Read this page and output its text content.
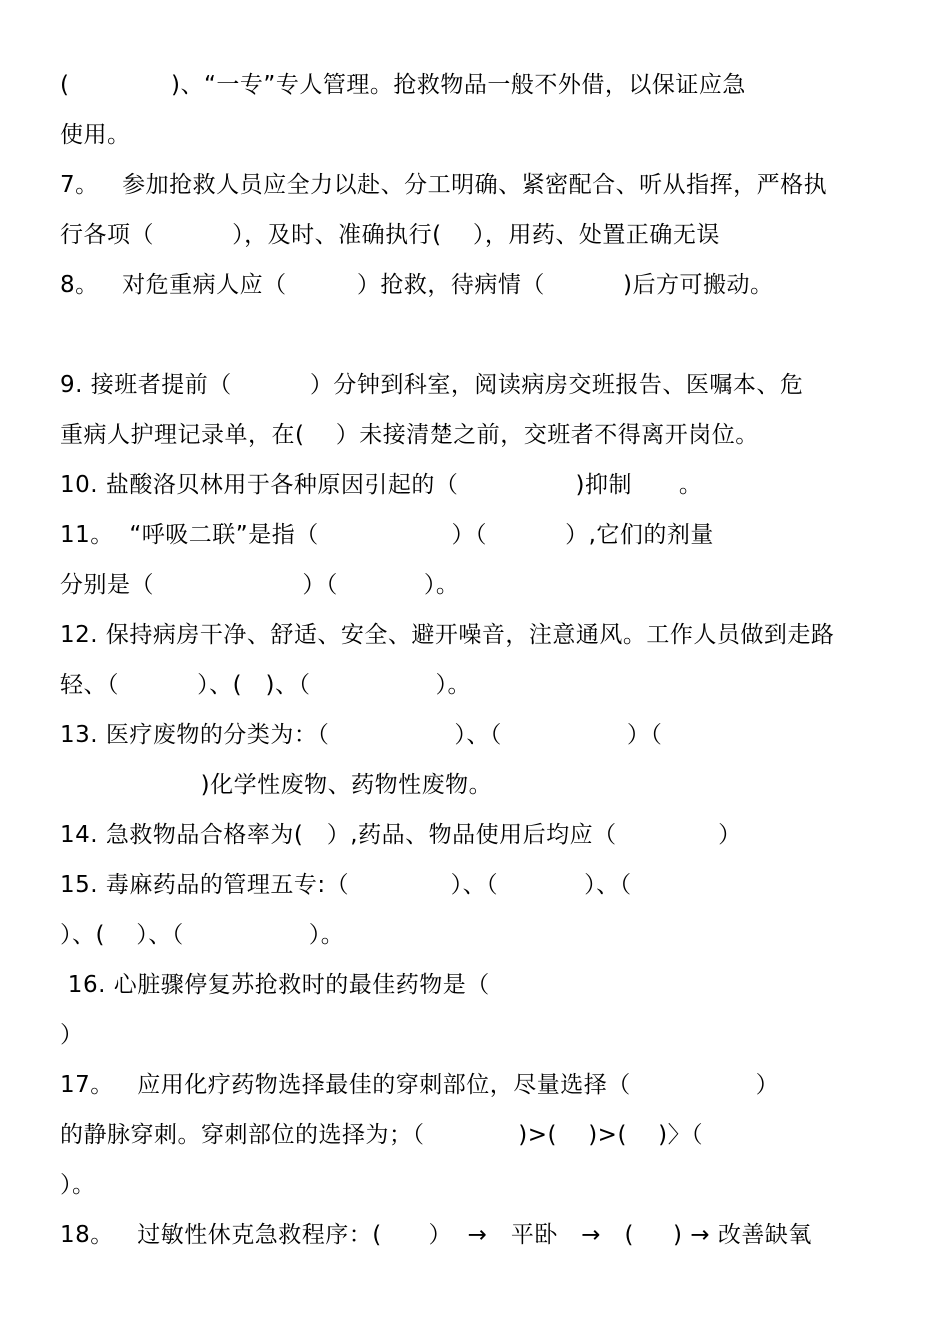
(             )、“一专”专人管理。抢救物品一般不外借，以保证应急
使用。
7。   参加抢救人员应全力以赴、分工明确、紧密配合、听从指挥，严格执
行各项（          ），及时、准确执行(    ），用药、处置正确无误
8。   对危重病人应（         ）抢救，待病情（          )后方可搬动。
9. 接班者提前（          ）分钟到科室，阅读病房交班报告、医嘱本、危
重病人护理记录单，在(    ）未接清楚之前，交班者不得离开岗位。
10. 盐酸洛贝林用于各种原因引起的（               )抑制      。
11。  “呼吸二联”是指（                 ）（          ）,它们的剂量
分别是（                   ）（           ）。
12. 保持病房干净、舒适、安全、避开噪音，注意通风。工作人员做到走路
轻、（          ）、(   )、（                ）。
13. 医疗废物的分类为：（                ）、（                ）（
)化学性废物、药物性废物。
14. 急救物品合格率为(   ）,药品、物品使用后均应（             ）
15. 毒麻药品的管理五专:（             ）、（           ）、（
）、(    ）、（                ）。
16. 心脏骤停复苏抢救时的最佳药物是（
）
17。   应用化疗药物选择最佳的穿刺部位，尽量选择（                ）
的静脉穿刺。穿刺部位的选择为；（            )>(    )>(    )〉（
）。
18。   过敏性休克急救程序：(      ）  →   平卧   →   (     ) → 改善缺氧
